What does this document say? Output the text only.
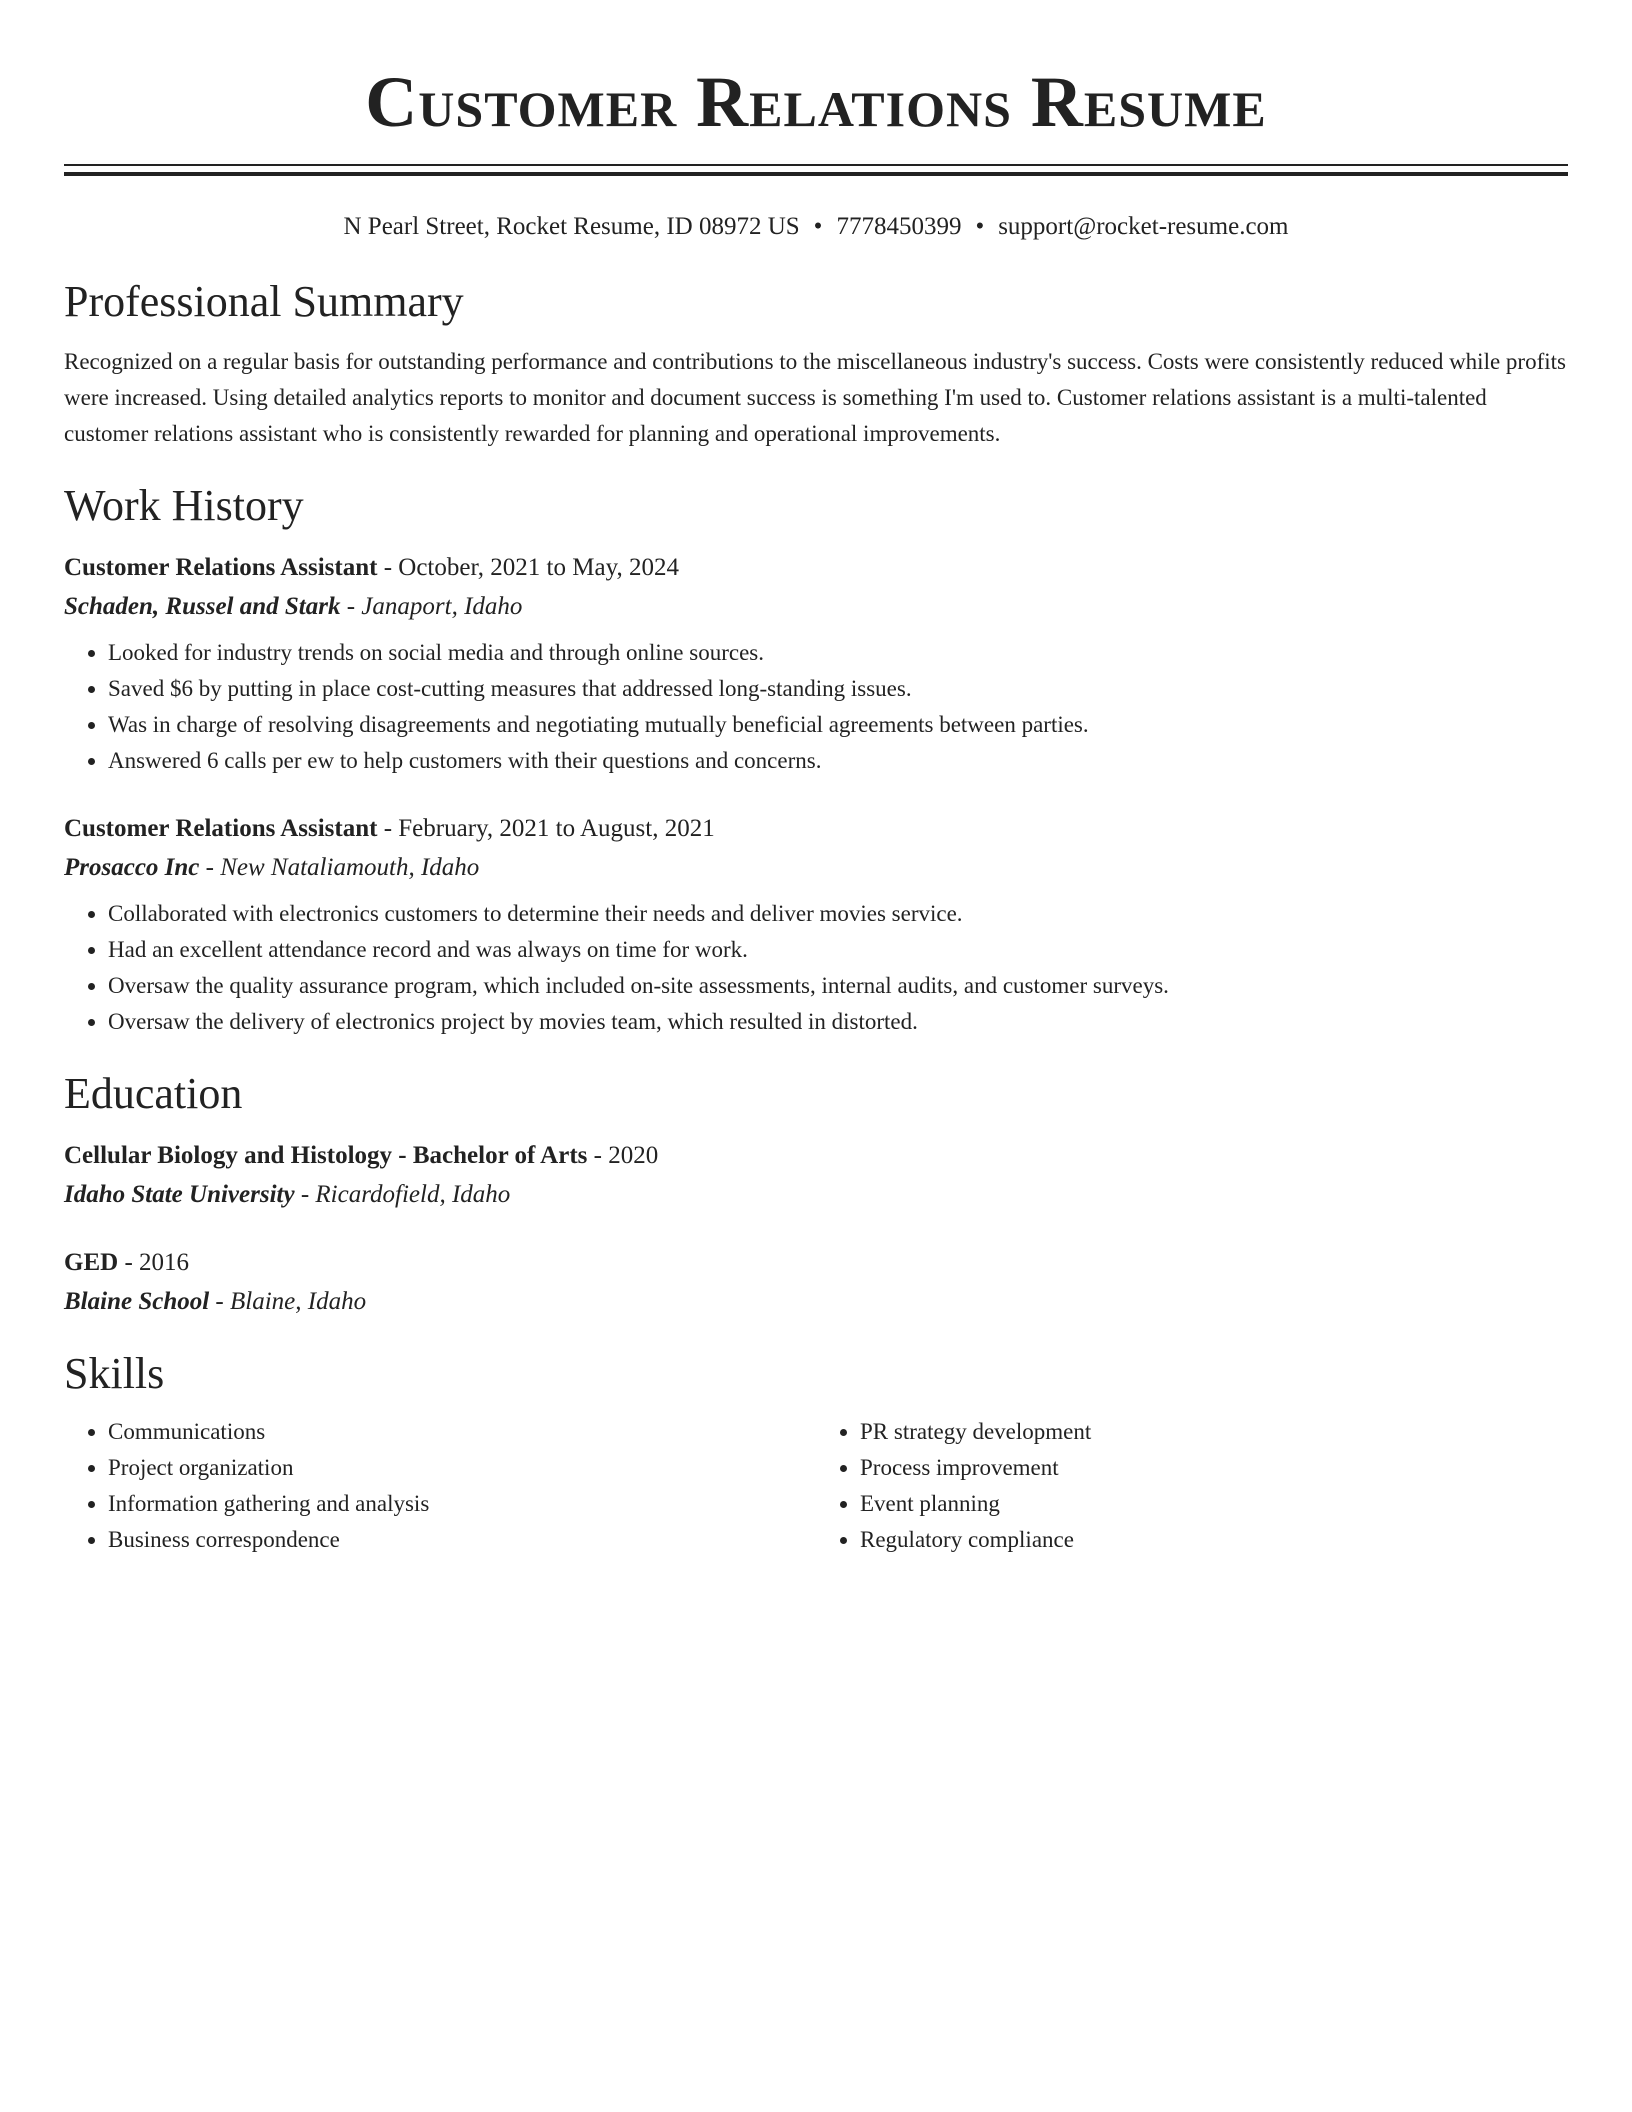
Customer Relations Resume
N Pearl Street, Rocket Resume, ID 08972 US • 7778450399 • support@rocket-resume.com
Professional Summary

Recognized on a regular basis for outstanding performance and contributions to the miscellaneous industry's success. Costs were consistently reduced while profits were increased. Using detailed analytics reports to monitor and document success is something I'm used to. Customer relations assistant is a multi-talented customer relations assistant who is consistently rewarded for planning and operational improvements.

Work History
Customer Relations Assistant - October, 2021 to May, 2024
Schaden, Russel and Stark - Janaport, Idaho
• Looked for industry trends on social media and through online sources.
• Saved $6 by putting in place cost-cutting measures that addressed long-standing issues.
• Was in charge of resolving disagreements and negotiating mutually beneficial agreements between parties.
• Answered 6 calls per ew to help customers with their questions and concerns.
Customer Relations Assistant - February, 2021 to August, 2021
Prosacco Inc - New Nataliamouth, Idaho
• Collaborated with electronics customers to determine their needs and deliver movies service.
• Had an excellent attendance record and was always on time for work.
• Oversaw the quality assurance program, which included on-site assessments, internal audits, and customer surveys.
• Oversaw the delivery of electronics project by movies team, which resulted in distorted.
Education
Cellular Biology and Histology - Bachelor of Arts - 2020
Idaho State University - Ricardofield, Idaho
GED - 2016
Blaine School - Blaine, Idaho
Skills
• Communications
• Project organization
• Information gathering and analysis
• Business correspondence
• PR strategy development
• Process improvement
• Event planning
• Regulatory compliance
